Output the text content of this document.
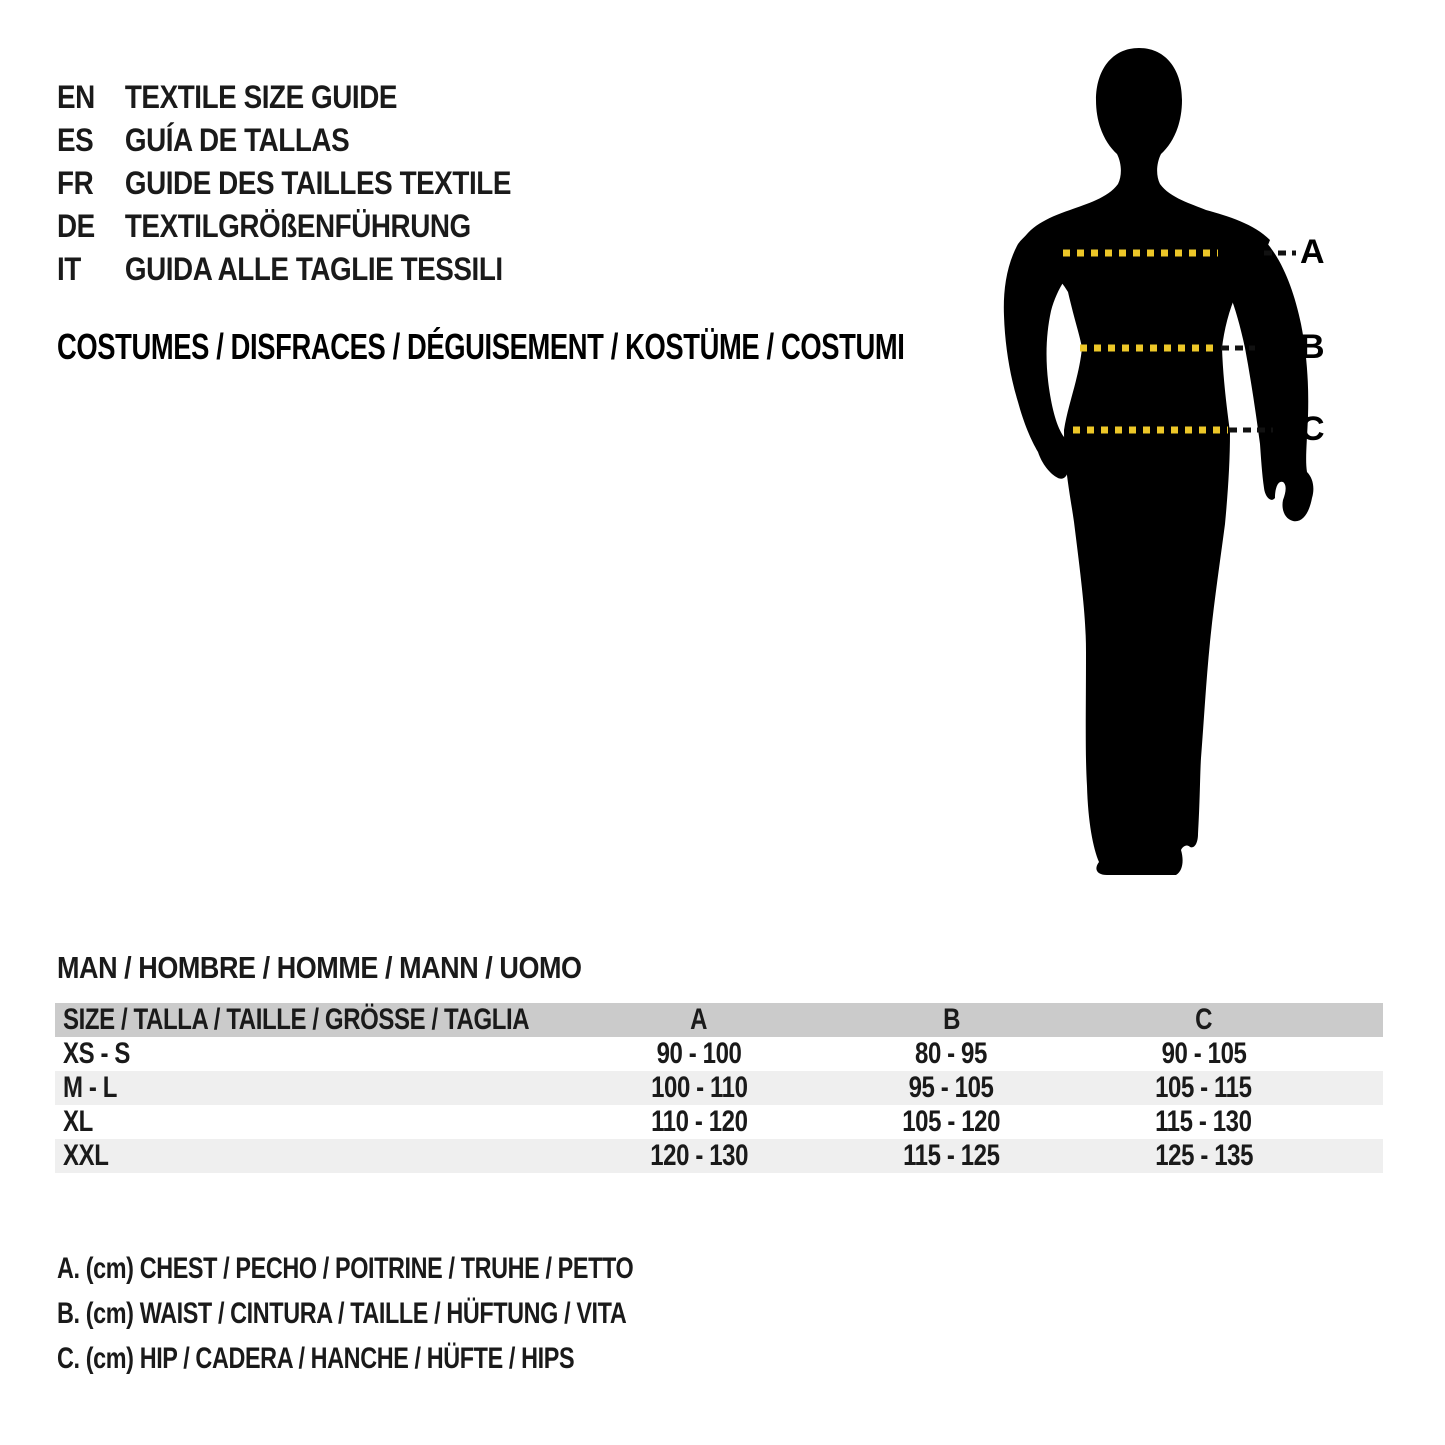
EN TEXTILE SIZE GUIDE
ES GUÍA DE TALLAS
FR GUIDE DES TAILLES TEXTILE
DE TEXTILGRÖßENFÜHRUNG
IT	GUIDA ALLE TAGLIE TESSILI
COSTUMES / DISFRACES / DÉGUISEMENT / KOSTÜME / COSTUMI
A
B
C
MAN / HOMBRE / HOMME / MANN / UOMO
SIZE / TALLA / TAILLE / GRÖSSE / TAGLIA	A	B	C	
XS - S	90 - 100	80 - 95	90 - 105	
M - L	100 - 110	95 - 105	105 - 115	
XL	110 - 120	105 - 120	115 - 130	
XXL	120 - 130	115 - 125	125 - 135	
A. (cm) CHEST / PECHO / POITRINE / TRUHE / PETTO
B. (cm) WAIST / CINTURA / TAILLE / HÜFTUNG / VITA
C. (cm) HIP / CADERA / HANCHE / HÜFTE / HIPS
